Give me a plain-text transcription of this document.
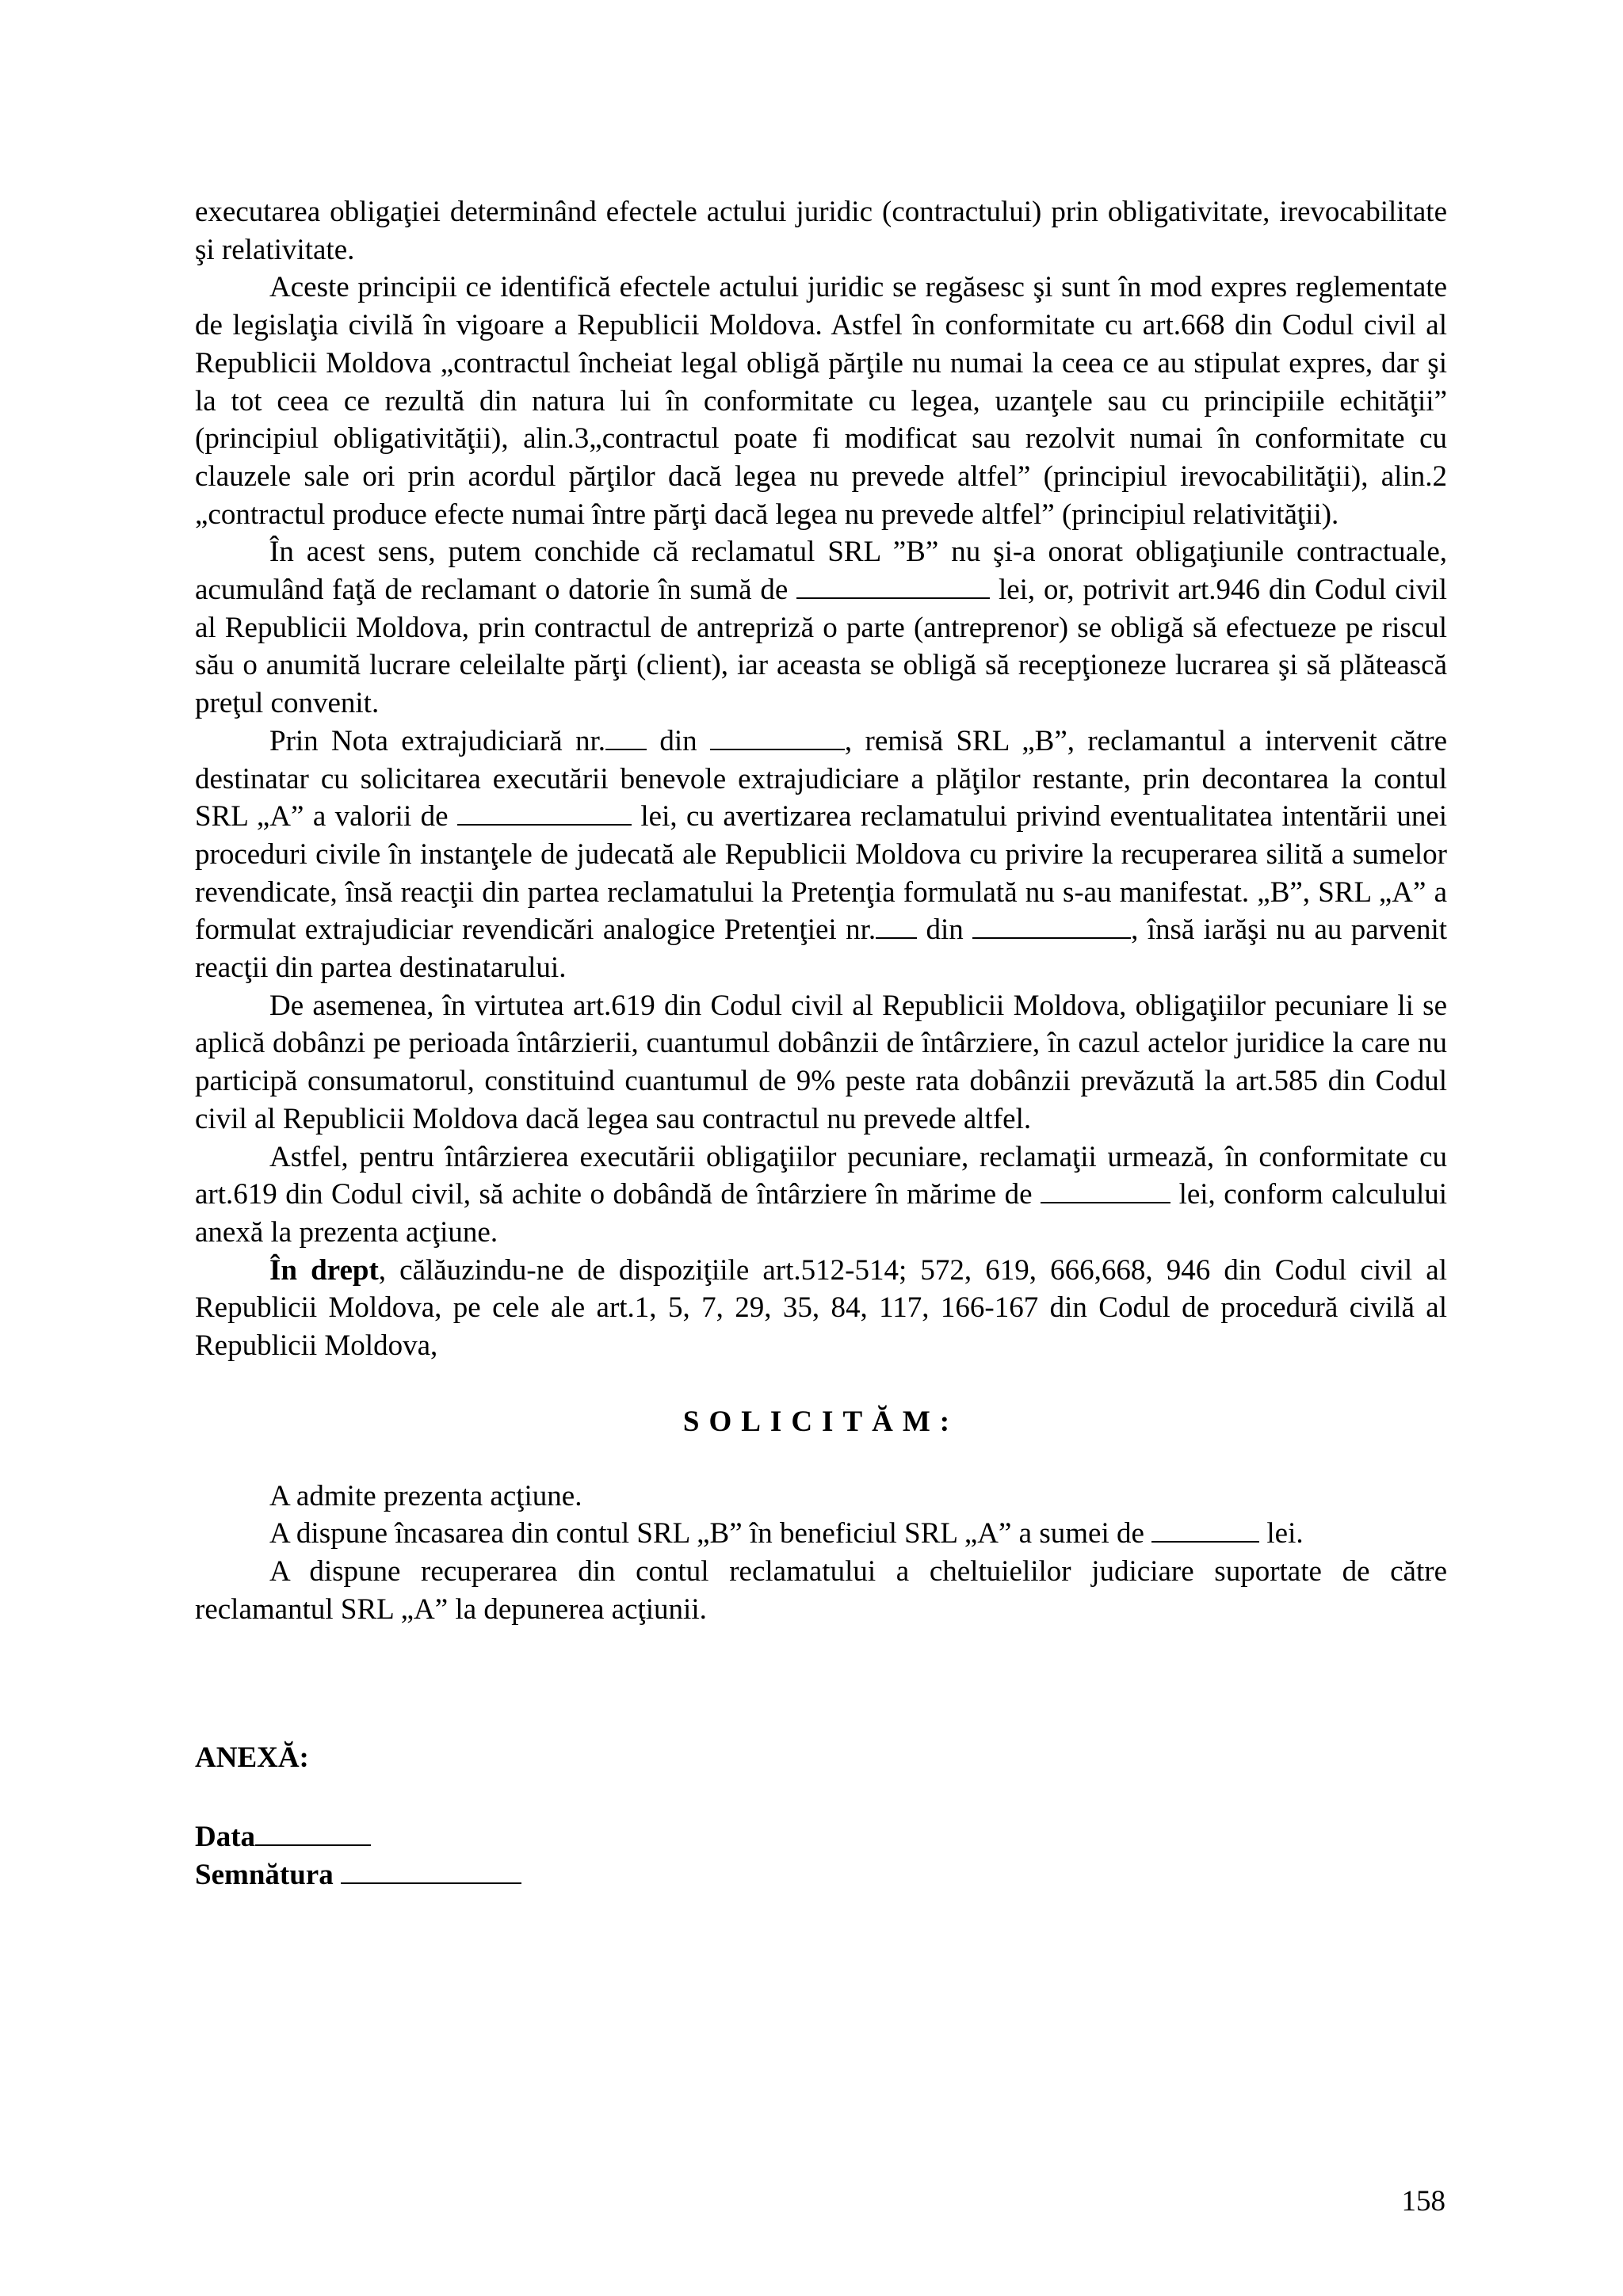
executarea obligaţiei determinând efectele actului juridic (contractului) prin obligativitate, irevocabilitate şi relativitate.

Aceste principii ce identifică efectele actului juridic se regăsesc şi sunt în mod expres reglementate de legislaţia civilă în vigoare a Republicii Moldova. Astfel în conformitate cu art.668 din Codul civil al Republicii Moldova „contractul încheiat legal obligă părţile nu numai la ceea ce au stipulat expres, dar şi la tot ceea ce rezultă din natura lui în conformitate cu legea, uzanţele sau cu principiile echităţii” (principiul obligativităţii), alin.3„contractul poate fi modificat sau rezolvit numai în conformitate cu clauzele sale ori prin acordul părţilor dacă legea nu prevede altfel” (principiul irevocabilităţii), alin.2 „contractul produce efecte numai între părţi dacă legea nu prevede altfel” (principiul relativităţii).

În acest sens, putem conchide că reclamatul SRL ”B” nu şi-a onorat obligaţiunile contractuale, acumulând faţă de reclamant o datorie în sumă de	lei, or, potrivit art.946 din Codul civil al Republicii Moldova, prin contractul de antrepriză o parte (antreprenor) se obligă să efectueze pe riscul său o anumită lucrare celeilalte părţi (client), iar aceasta se obligă să recepţioneze lucrarea şi să plătească preţul convenit.

Prin Nota extrajudiciară nr. din	, remisă SRL „B”, reclamantul a intervenit către destinatar cu solicitarea executării benevole extrajudiciare a plăţilor restante, prin decontarea la contul SRL „A” a valorii de	lei, cu avertizarea reclamatului privind eventualitatea intentării unei proceduri civile în instanţele de judecată ale Republicii Moldova cu privire la recuperarea silită a sumelor revendicate, însă reacţii din partea reclamatului la Pretenţia formulată nu s-au manifestat. „B”, SRL „A” a formulat extrajudiciar revendicări analogice Pretenţiei nr. din	, însă iarăşi nu au parvenit reacţii din partea destinatarului.

De asemenea, în virtutea art.619 din Codul civil al Republicii Moldova, obligaţiilor pecuniare li se aplică dobânzi pe perioada întârzierii, cuantumul dobânzii de întârziere, în cazul actelor juridice la care nu participă consumatorul, constituind cuantumul de 9% peste rata dobânzii prevăzută la art.585 din Codul civil al Republicii Moldova dacă legea sau contractul nu prevede altfel.

Astfel, pentru întârzierea executării obligaţiilor pecuniare, reclamaţii urmează, în conformitate cu art.619 din Codul civil, să achite o dobândă de întârziere în mărime de	lei, conform calculului anexă la prezenta acţiune.

În drept, călăuzindu-ne de dispoziţiile art.512-514; 572, 619, 666,668, 946 din Codul civil al Republicii Moldova, pe cele ale art.1, 5, 7, 29, 35, 84, 117, 166-167 din Codul de procedură civilă al Republicii Moldova,

SOLICITĂM:

A admite prezenta acţiune.

A dispune încasarea din contul SRL „B” în beneficiul SRL „A” a sumei de	lei.

A dispune recuperarea din contul reclamatului a cheltuielilor judiciare suportate de către reclamantul SRL „A” la depunerea acţiunii.

ANEXĂ:
Data
Semnătura
158
